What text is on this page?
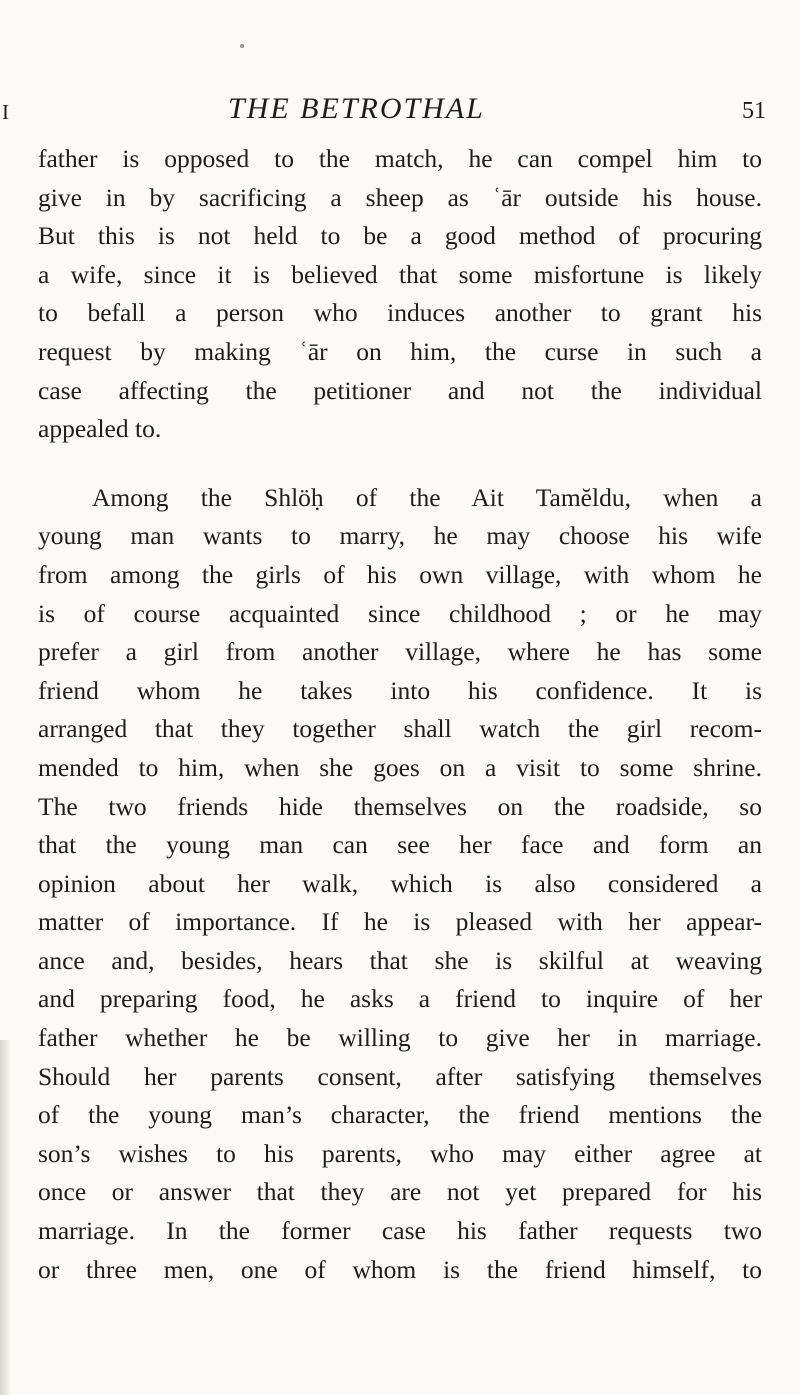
I	THE BETROTHAL	51
father is opposed to the match, he can compel him to
give in by sacrificing a sheep as ʿār outside his house.
But this is not held to be a good method of procuring
a wife, since it is believed that some misfortune is likely
to befall a person who induces another to grant his
request by making ʿār on him, the curse in such a
case affecting the petitioner and not the individual
appealed to.
Among the Shlöḥ of the Ait Tamĕldu, when a
young man wants to marry, he may choose his wife
from among the girls of his own village, with whom he
is of course acquainted since childhood ; or he may
prefer a girl from another village, where he has some
friend whom he takes into his confidence. It is
arranged that they together shall watch the girl recom-
mended to him, when she goes on a visit to some shrine.
The two friends hide themselves on the roadside, so
that the young man can see her face and form an
opinion about her walk, which is also considered a
matter of importance. If he is pleased with her appear-
ance and, besides, hears that she is skilful at weaving
and preparing food, he asks a friend to inquire of her
father whether he be willing to give her in marriage.
Should her parents consent, after satisfying themselves
of the young man’s character, the friend mentions the
son’s wishes to his parents, who may either agree at
once or answer that they are not yet prepared for his
marriage. In the former case his father requests two
or three men, one of whom is the friend himself, to
